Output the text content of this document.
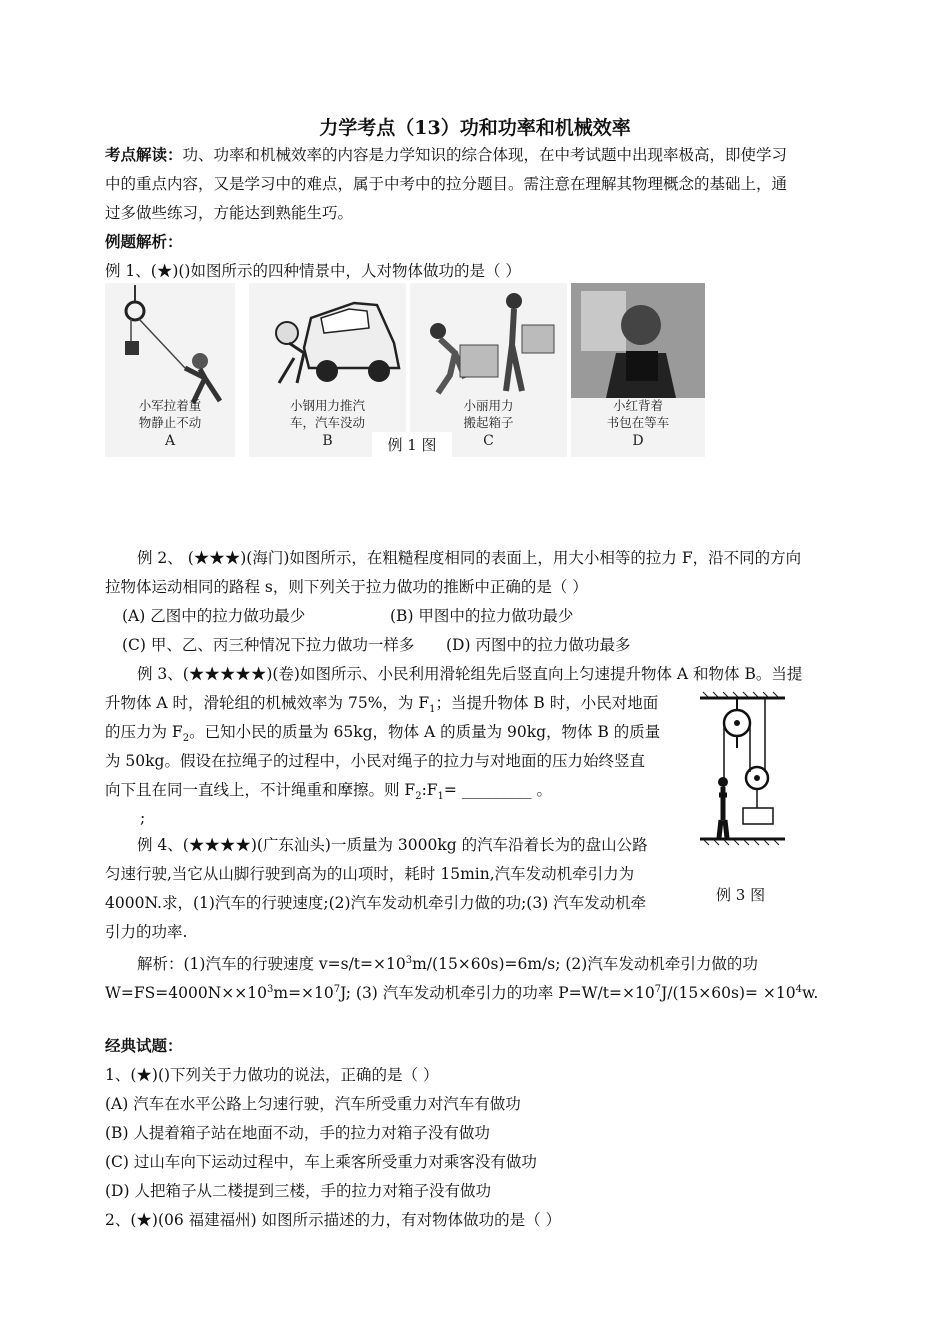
力学考点（13）功和功率和机械效率
考点解读：功、功率和机械效率的内容是力学知识的综合体现，在中考试题中出现率极高，即使学习
中的重点内容，又是学习中的难点，属于中考中的拉分题目。需注意在理解其物理概念的基础上，通
过多做些练习，方能达到熟能生巧。
例题解析：
例 1、(★)()如图所示的四种情景中，人对物体做功的是（ ）
小军拉着重
物静止不动
A
小钢用力推汽
车，汽车没动
B
小丽用力
搬起箱子
C
小红背着
书包在等车
D
例 1 图
例 2、 (★★★)(海门)如图所示，在粗糙程度相同的表面上，用大小相等的拉力 F，沿不同的方向
拉物体运动相同的路程 s，则下列关于拉力做功的推断中正确的是（ ）
(A) 乙图中的拉力做功最少	(B) 甲图中的拉力做功最少
(C) 甲、乙、丙三种情况下拉力做功一样多 (D) 丙图中的拉力做功最多
例 3、(★★★★★)(卷)如图所示、小民利用滑轮组先后竖直向上匀速提升物体 A 和物体 B。当提
升物体 A 时，滑轮组的机械效率为 75%，为 $F_1$；当提升物体 B 时，小民对地面
的压力为 $F_2$。已知小民的质量为 65kg，物体 A 的质量为 90kg，物体 B 的质量
为 50kg。假设在拉绳子的过程中，小民对绳子的拉力与对地面的压力始终竖直
向下且在同一直线上，不计绳重和摩擦。则 $F_2:F_1=$ _________ 。
;
例 3 图
例 4、(★★★★)(广东汕头)一质量为 3000kg 的汽车沿着长为的盘山公路
匀速行驶,当它从山脚行驶到高为的山项时，耗时 15min,汽车发动机牵引力为
4000N.求，(1)汽车的行驶速度;(2)汽车发动机牵引力做的功;(3) 汽车发动机牵
引力的功率.
解析：(1)汽车的行驶速度 $v=s/t=\times 10^3m/(15\times 60s)=6m/s$; (2)汽车发动机牵引力做的功
$W=FS=4000N\times\times 10^3m=\times 10^7J$; (3) 汽车发动机牵引力的功率 $P=W/t=\times 10^7J/(15\times 60s)= \times 10^4w$.
经典试题：
1、(★)()下列关于力做功的说法，正确的是（ ）
(A) 汽车在水平公路上匀速行驶，汽车所受重力对汽车有做功
(B) 人提着箱子站在地面不动，手的拉力对箱子没有做功
(C) 过山车向下运动过程中，车上乘客所受重力对乘客没有做功
(D) 人把箱子从二楼提到三楼，手的拉力对箱子没有做功
2、(★)(06 福建福州) 如图所示描述的力，有对物体做功的是（ ）
